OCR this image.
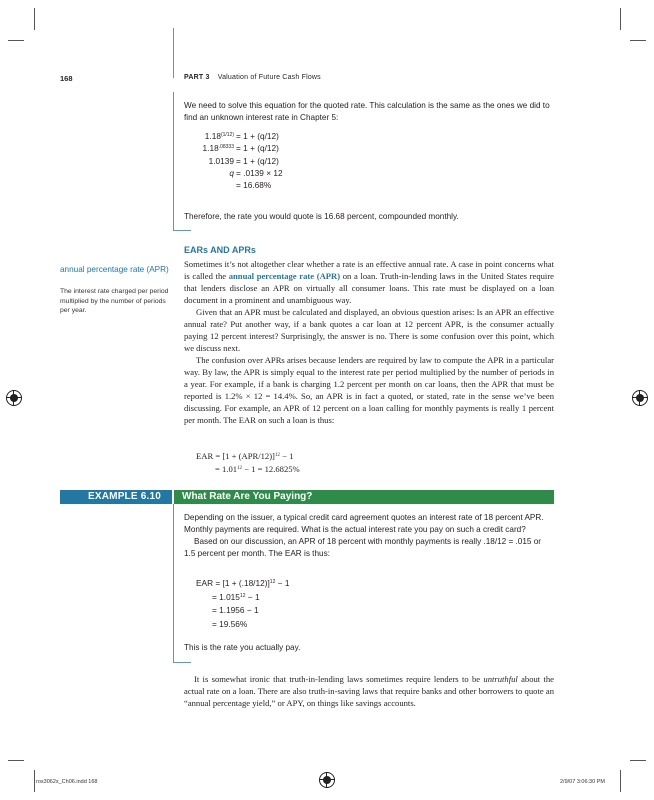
168	PART 3 Valuation of Future Cash Flows
We need to solve this equation for the quoted rate. This calculation is the same as the ones we did to find an unknown interest rate in Chapter 5:
$1.18^{(1/12)} = 1 + (q/12)$
$1.18^{.08333} = 1 + (q/12)$
1.0139 = 1 + (q/12)
q = .0139 × 12
= 16.68%
Therefore, the rate you would quote is 16.68 percent, compounded monthly.
EARs AND APRs
annual percentage rate (APR)
The interest rate charged per period multiplied by the number of periods per year.
Sometimes it’s not altogether clear whether a rate is an effective annual rate. A case in point concerns what is called the annual percentage rate (APR) on a loan. Truth-in-lending laws in the United States require that lenders disclose an APR on virtually all consumer loans. This rate must be displayed on a loan document in a prominent and unambiguous way.
Given that an APR must be calculated and displayed, an obvious question arises: Is an APR an effective annual rate? Put another way, if a bank quotes a car loan at 12 percent APR, is the consumer actually paying 12 percent interest? Surprisingly, the answer is no. There is some confusion over this point, which we discuss next.
The confusion over APRs arises because lenders are required by law to compute the APR in a particular way. By law, the APR is simply equal to the interest rate per period multiplied by the number of periods in a year. For example, if a bank is charging 1.2 percent per month on car loans, then the APR that must be reported is 1.2% × 12 = 14.4%. So, an APR is in fact a quoted, or stated, rate in the sense we’ve been discussing. For example, an APR of 12 percent on a loan calling for monthly payments is really 1 percent per month. The EAR on such a loan is thus:
EAR = $[1 + (APR/12)]^{12} - 1$
= $1.01^{12} - 1 = 12.6825\%$
EXAMPLE 6.10 What Rate Are You Paying?
Depending on the issuer, a typical credit card agreement quotes an interest rate of 18 percent APR. Monthly payments are required. What is the actual interest rate you pay on such a credit card?
Based on our discussion, an APR of 18 percent with monthly payments is really .18/12 = .015 or 1.5 percent per month. The EAR is thus:
EAR = $[1 + (.18/12)]^{12} - 1$
= $1.015^{12} - 1$
= 1.1956 − 1
= 19.56%
This is the rate you actually pay.
It is somewhat ironic that truth-in-lending laws sometimes require lenders to be untruthful about the actual rate on a loan. There are also truth-in-saving laws that require banks and other borrowers to quote an “annual percentage yield,” or APY, on things like savings accounts.
ros3062x_Ch06.indd 168	2/9/07 3:06:30 PM
